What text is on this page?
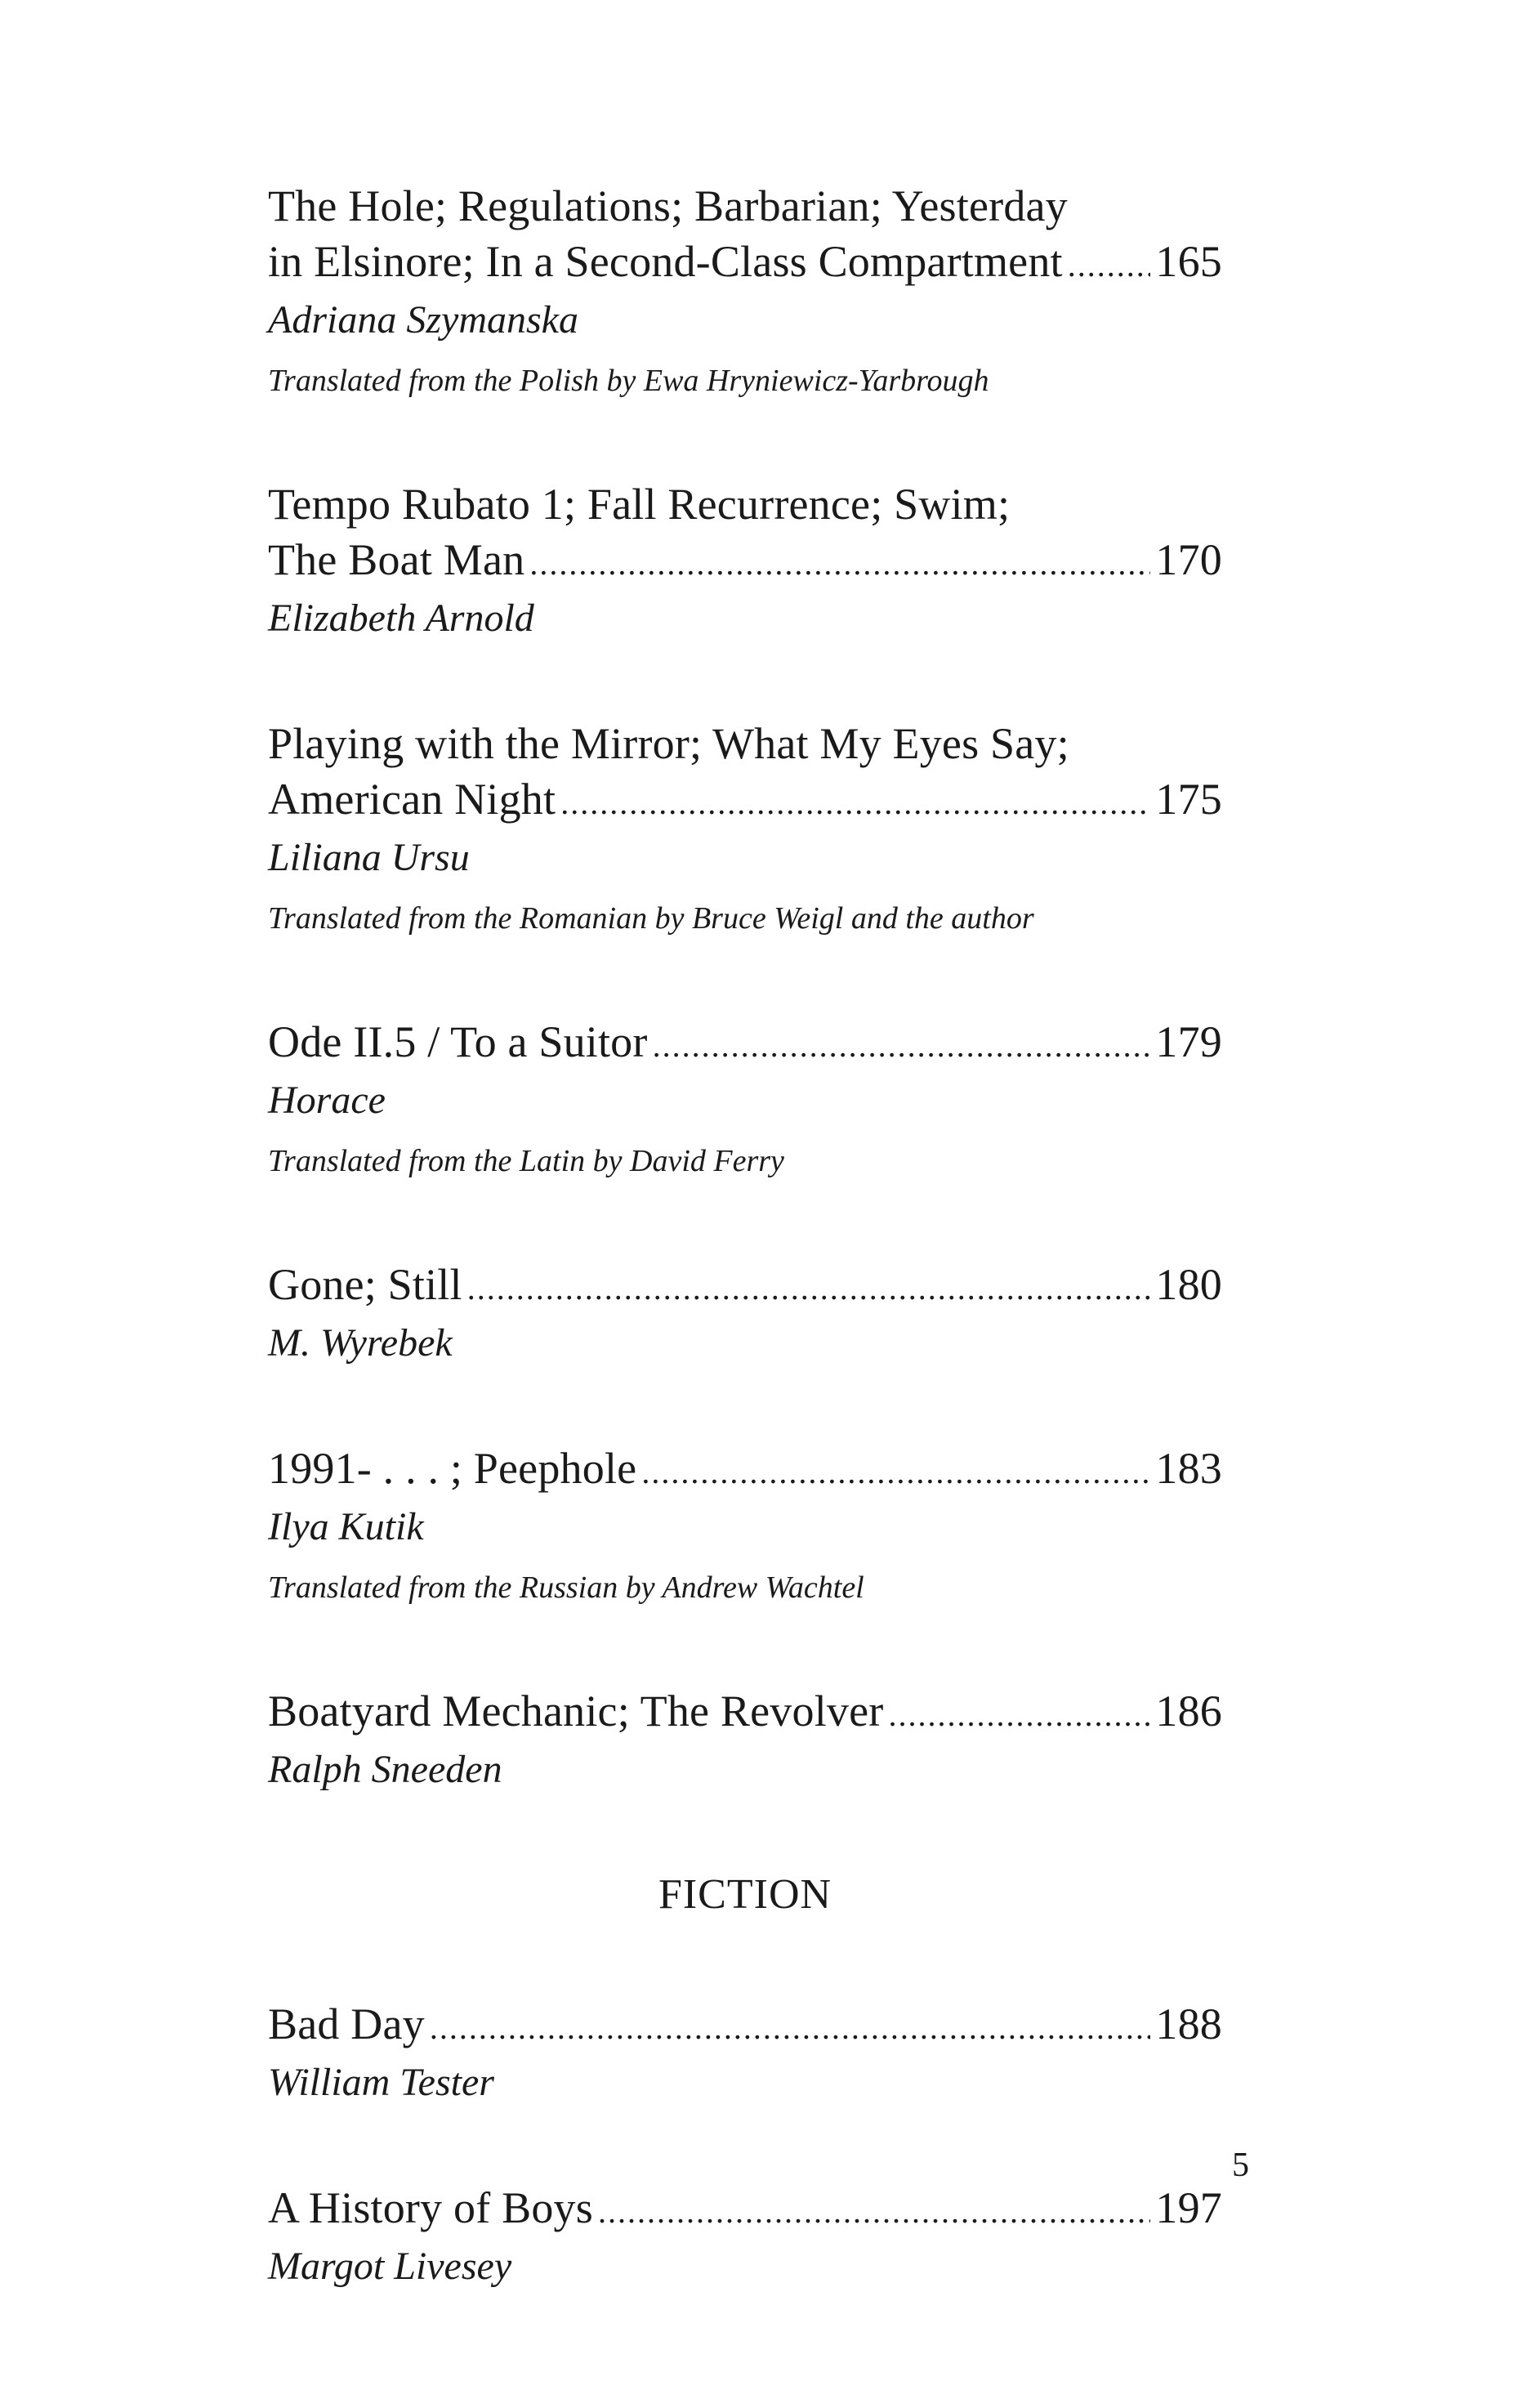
The Hole; Regulations; Barbarian; Yesterday
in Elsinore; In a Second-Class Compartment ..... 165
Adriana Szymanska
Translated from the Polish by Ewa Hryniewicz-Yarbrough
Tempo Rubato 1; Fall Recurrence; Swim;
The Boat Man .....	170
Elizabeth Arnold
Playing with the Mirror; What My Eyes Say;
American Night .....	175
Liliana Ursu
Translated from the Romanian by Bruce Weigl and the author
Ode II.5 / To a Suitor .....	179
Horace
Translated from the Latin by David Ferry
Gone; Still .....	180
M. Wyrebek
1991- . . . ; Peephole .....	183
Ilya Kutik
Translated from the Russian by Andrew Wachtel
Boatyard Mechanic; The Revolver .....	186
Ralph Sneeden
FICTION
Bad Day .....	188
William Tester
A History of Boys .....	197
Margot Livesey
5
